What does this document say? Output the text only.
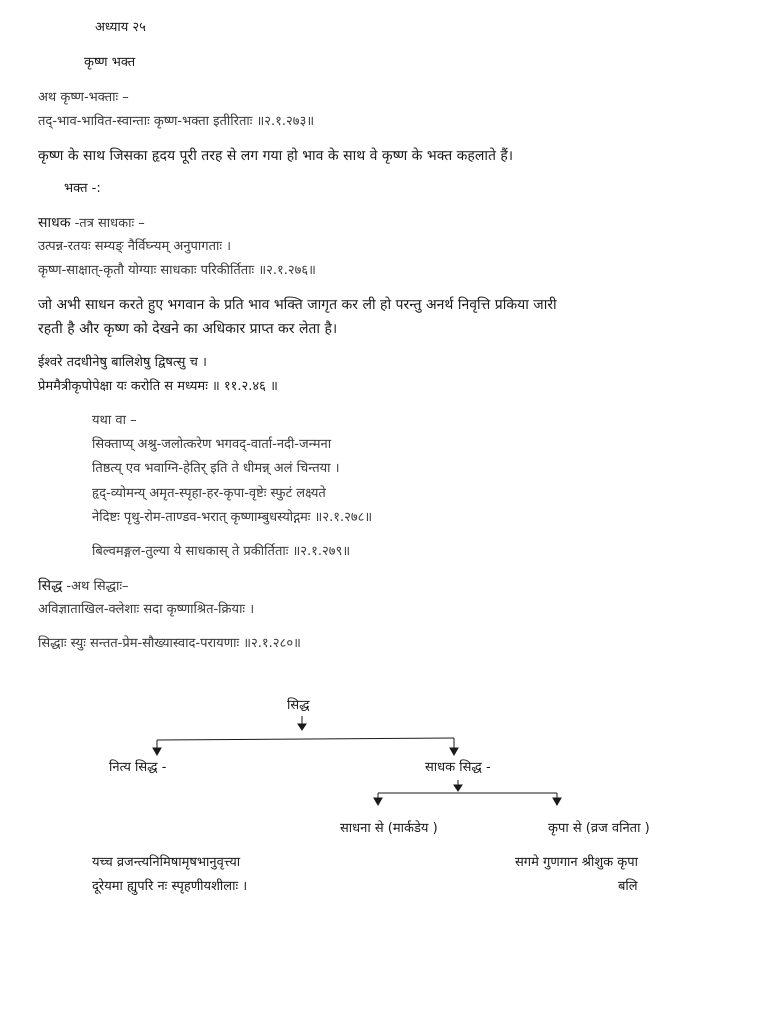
अध्याय २५
कृष्ण भक्त
अथ कृष्ण-भक्ताः –
तद्-भाव-भावित-स्वान्ताः कृष्ण-भक्ता इतीरिताः ॥२.१.२७३॥
कृष्ण के साथ जिसका हृदय पूरी तरह से लग गया हो भाव के साथ वे कृष्ण के भक्त कहलाते हैं।
भक्त -:
साधक -तत्र साधकाः –
उत्पन्न-रतयः सम्यङ् नैर्विघ्न्यम् अनुपागताः ।
कृष्ण-साक्षात्-कृतौ योग्याः साधकाः परिकीर्तिताः ॥२.१.२७६॥
जो अभी साधन करते हुए भगवान के प्रति भाव भक्ति जागृत कर ली हो परन्तु अनर्थ निवृत्ति प्रकिया जारी
रहती है और कृष्ण को देखने का अधिकार प्राप्त कर लेता है।
ईश्वरे तदधीनेषु बालिशेषु द्विषत्सु च ।
प्रेममैत्रीकृपोपेक्षा यः करोति स मध्यमः ॥ ११.२.४६ ॥
यथा वा –
सिक्ताप्य् अश्रु-जलोत्करेण भगवद्-वार्ता-नदी-जन्मना
तिष्ठत्य् एव भवाग्नि-हेतिर् इति ते धीमन्न् अलं चिन्तया ।
हृद्-व्योमन्य् अमृत-स्पृहा-हर-कृपा-वृष्टेः स्फुटं लक्ष्यते
नेदिष्टः पृथु-रोम-ताण्डव-भरात् कृष्णाम्बुधस्योद्गमः ॥२.१.२७८॥
बिल्वमङ्गल-तुल्या ये साधकास् ते प्रकीर्तिताः ॥२.१.२७९॥
सिद्ध -अथ सिद्धाः–
अविज्ञाताखिल-क्लेशाः सदा कृष्णाश्रित-क्रियाः ।
सिद्धाः स्युः सन्तत-प्रेम-सौख्यास्वाद-परायणाः ॥२.१.२८०॥
सिद्ध
नित्य सिद्ध -	साधक सिद्ध -
साधना से (मार्कडेय )	कृपा से (व्रज वनिता )
यच्च व्रजन्त्यनिमिषामृषभानुवृत्त्या
दूरेयमा ह्युपरि नः स्पृहणीयशीलाः ।
सगमे गुणगान श्रीशुक कृपा
बलि
